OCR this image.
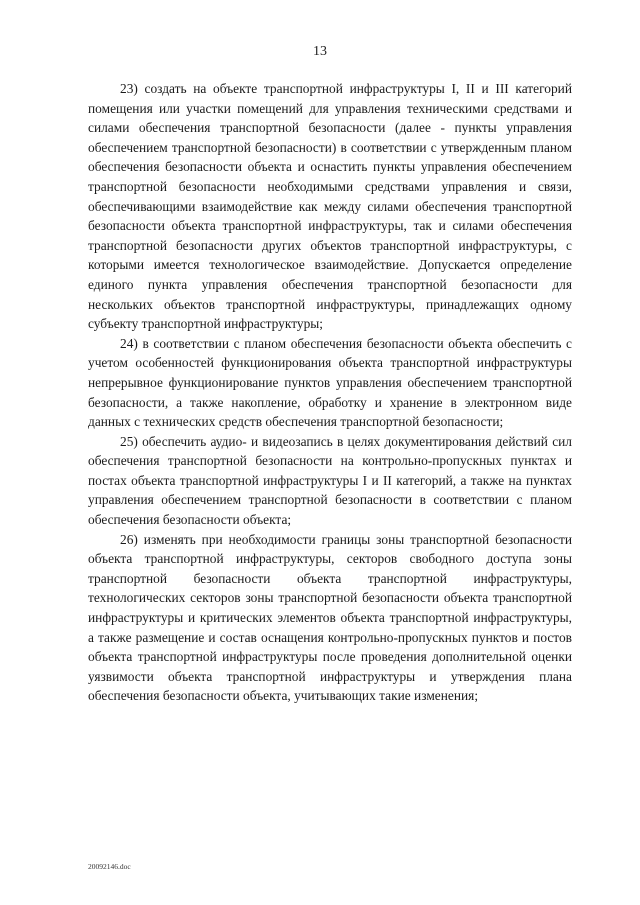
13

23) создать на объекте транспортной инфраструктуры I, II и III категорий помещения или участки помещений для управления техническими средствами и силами обеспечения транспортной безопасности (далее - пункты управления обеспечением транспортной безопасности) в соответствии с утвержденным планом обеспечения безопасности объекта и оснастить пункты управления обеспечением транспортной безопасности необходимыми средствами управления и связи, обеспечивающими взаимодействие как между силами обеспечения транспортной безопасности объекта транспортной инфраструктуры, так и силами обеспечения транспортной безопасности других объектов транспортной инфраструктуры, с которыми имеется технологическое взаимодействие. Допускается определение единого пункта управления обеспечения транспортной безопасности для нескольких объектов транспортной инфраструктуры, принадлежащих одному субъекту транспортной инфраструктуры;

24) в соответствии с планом обеспечения безопасности объекта обеспечить с учетом особенностей функционирования объекта транспортной инфраструктуры непрерывное функционирование пунктов управления обеспечением транспортной безопасности, а также накопление, обработку и хранение в электронном виде данных с технических средств обеспечения транспортной безопасности;

25) обеспечить аудио- и видеозапись в целях документирования действий сил обеспечения транспортной безопасности на контрольно-пропускных пунктах и постах объекта транспортной инфраструктуры I и II категорий, а также на пунктах управления обеспечением транспортной безопасности в соответствии с планом обеспечения безопасности объекта;

26) изменять при необходимости границы зоны транспортной безопасности объекта транспортной инфраструктуры, секторов свободного доступа зоны транспортной безопасности объекта транспортной инфраструктуры, технологических секторов зоны транспортной безопасности объекта транспортной инфраструктуры и критических элементов объекта транспортной инфраструктуры, а также размещение и состав оснащения контрольно-пропускных пунктов и постов объекта транспортной инфраструктуры после проведения дополнительной оценки уязвимости объекта транспортной инфраструктуры и утверждения плана обеспечения безопасности объекта, учитывающих такие изменения;

20092146.doc
